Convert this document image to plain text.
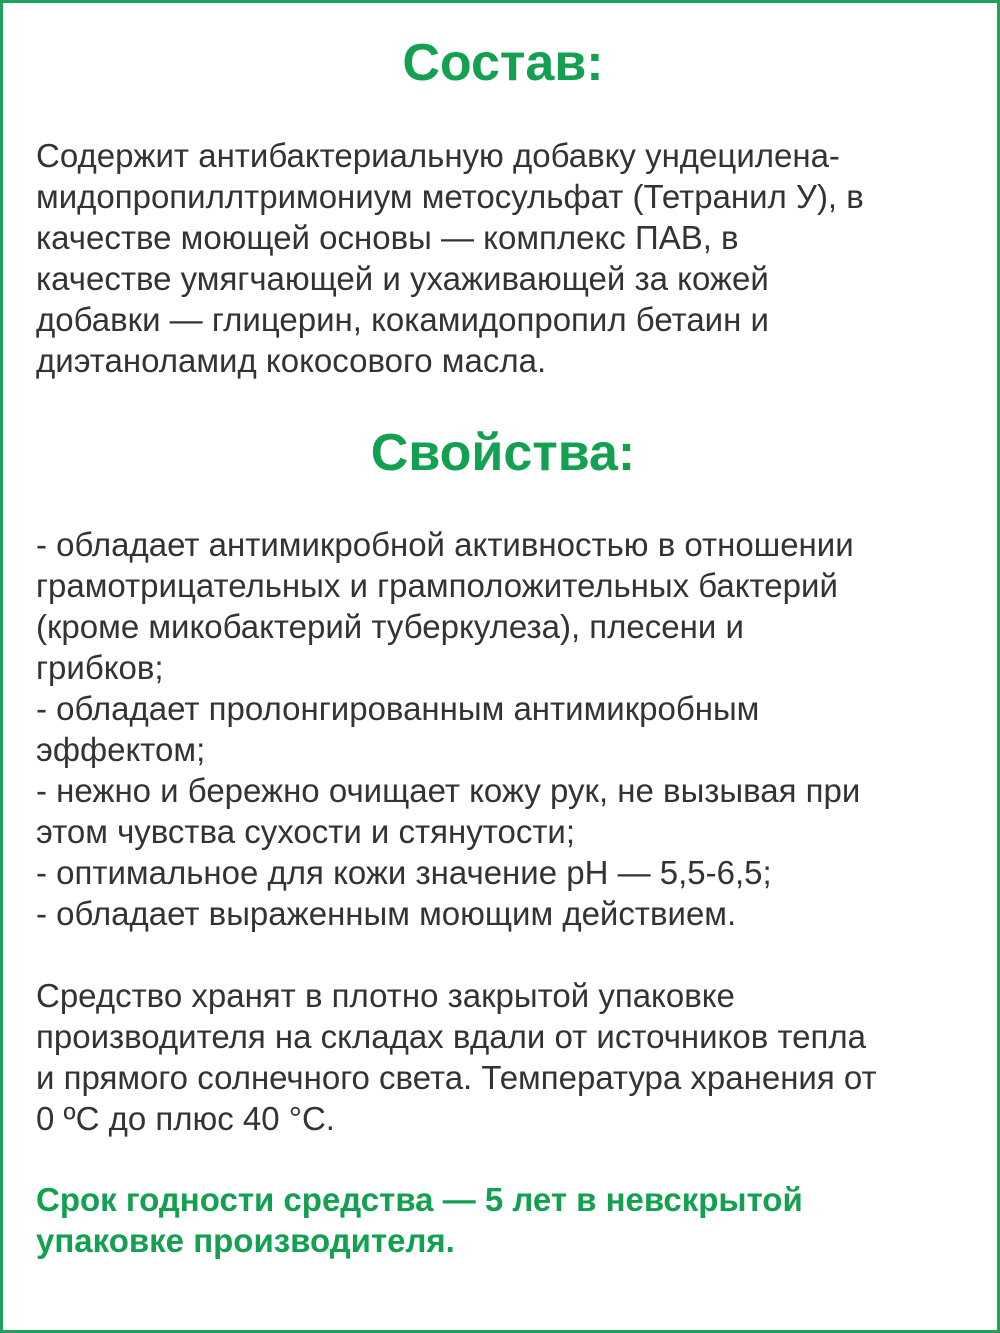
Состав:

Содержит антибактериальную добавку ундецилена-
мидопропиллтримониум метосульфат (Тетранил У), в
качестве моющей основы — комплекс ПАВ, в
качестве умягчающей и ухаживающей за кожей
добавки — глицерин, кокамидопропил бетаин и
диэтаноламид кокосового масла.

Свойства:

- обладает антимикробной активностью в отношении
грамотрицательных и грамположительных бактерий
(кроме микобактерий туберкулеза), плесени и
грибков;
- обладает пролонгированным антимикробным
эффектом;
- нежно и бережно очищает кожу рук, не вызывая при
этом чувства сухости и стянутости;
- оптимальное для кожи значение pH — 5,5-6,5;
- обладает выраженным моющим действием.

Средство хранят в плотно закрытой упаковке
производителя на складах вдали от источников тепла
и прямого солнечного света. Температура хранения от
0 ºС до плюс 40 °С.

Срок годности средства — 5 лет в невскрытой
упаковке производителя.
